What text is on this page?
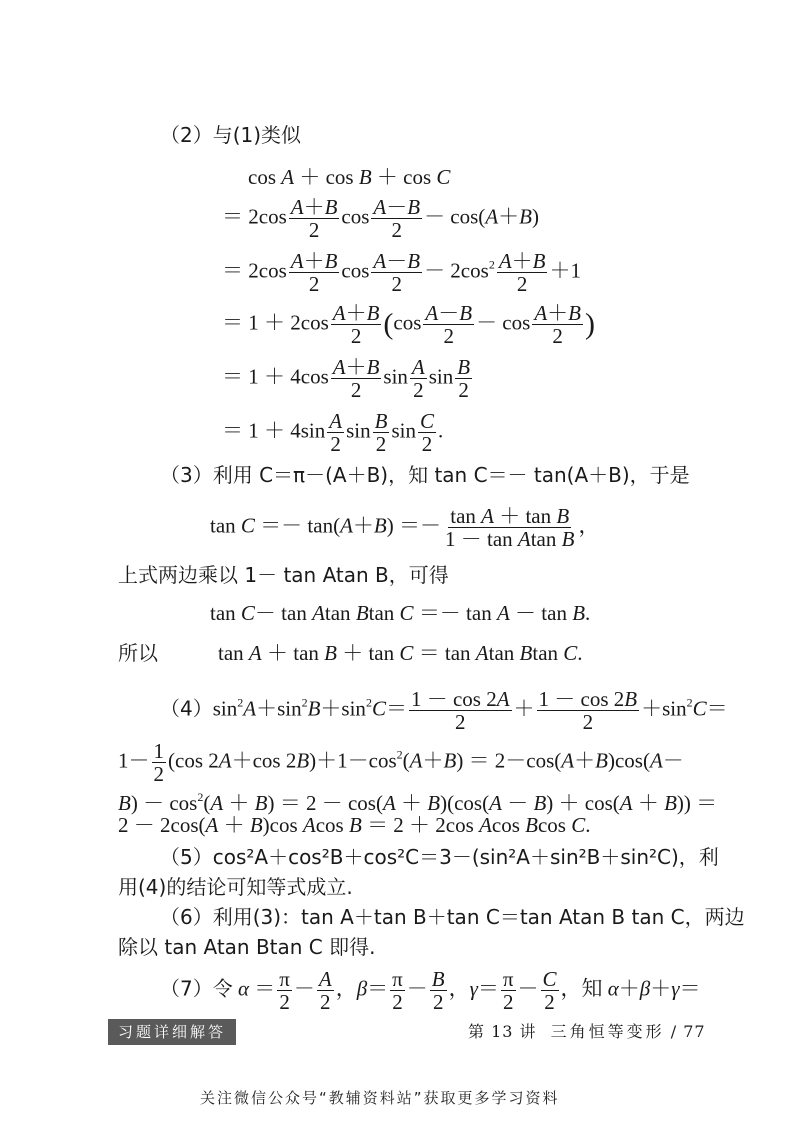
（2）与(1)类似
cos A ＋ cos B ＋ cos C
＝ $2\cos \frac{A+B}{2}$ $\cos \frac{A-B}{2} - \cos(A+B)$
＝ $2\cos \frac{A+B}{2}$ $\cos \frac{A-B}{2} - 2\cos^2 \frac{A+B}{2} +1$
＝ $1 + 2\cos \frac{A+B}{2} (\cos \frac{A-B}{2} - \cos \frac{A+B}{2}$ )
＝ $1 + 4\cos \frac{A+B}{2}$ $\sin \frac{A}{2}$ $\sin \frac{B}{2}$
＝ $1 + 4\sin \frac{A}{2}$ $\sin \frac{B}{2}$ $\sin \frac{C}{2}$ .
（3）利用 C＝π－(A＋B)，知 tan C＝－ tan(A＋B)，于是
$\tan C =- \tan(A+B) =- \frac{\text{tan A ＋ tan B}}{\text{1 － tan Atan B}}$ ，
上式两边乘以 1－ tan Atan B，可得
tan C－ tan Atan Btan C ＝－ tan A － tan B.
所以	tan A ＋ tan B ＋ tan C ＝ tan Atan Btan C.
$(4)\sin^2A+\sin^2B+\sin^2C= \frac{1 - \cos 2A}{2} + \frac{1 - \cos 2B}{2} +\sin^2C=$
$1- \frac{1}{2} (\cos$ 2A＋cos $2B)+1-\cos^2(A+B) = 2-\cos(A+B)\cos(A-$
$B) - \cos^2(A + B) = 2 - \cos(A + B)(\cos(A - B) + \cos(A + B))$ ＝
2 － 2cos(A ＋ B)cos Acos B ＝ 2 ＋ 2cos Acos Bcos C.
（5）cos²A＋cos²B＋cos²C＝3－(sin²A＋sin²B＋sin²C)，利
用(4)的结论可知等式成立.
（6）利用(3)：tan A＋tan B＋tan C＝tan Atan B tan C，两边
除以 tan Atan Btan C 即得.
（7）令 $\alpha = \frac{\pi}{2} - \frac{A}{2}$ ，$\beta= \frac{\pi}{2} - \frac{B}{2}$ ，$\gamma= \frac{\pi}{2} - \frac{C}{2}$ ，知 α＋β＋γ＝
习题详细解答	第 13 讲 三角恒等变形 / 77
关注微信公众号“教辅资料站”获取更多学习资料
